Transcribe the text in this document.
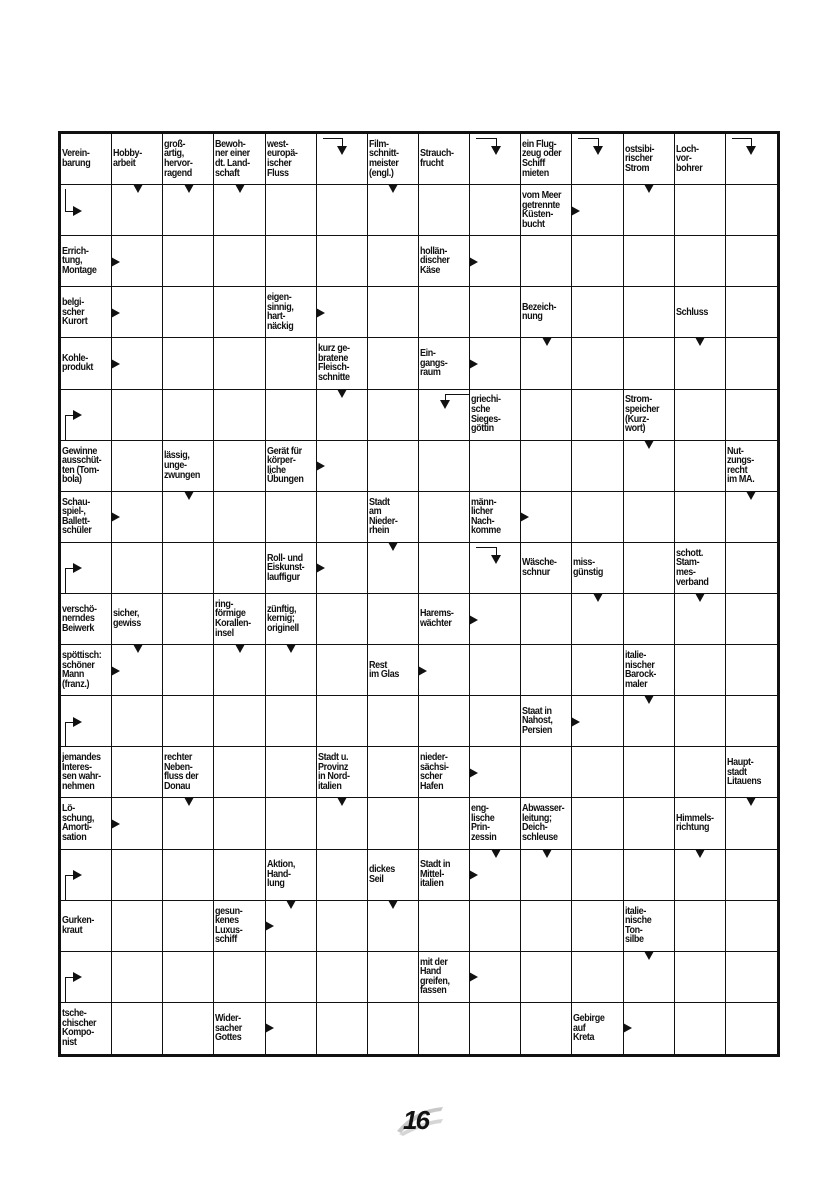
Verein-
barung
Hobby-
arbeit
groß-
artig,
hervor-
ragend
Bewoh-
ner einer
dt. Land-
schaft
west-
europä-
ischer
Fluss
Film-
schnitt-
meister
(engl.)
Strauch-
frucht
ein Flug-
zeug oder
Schiff
mieten
ostsibi-
rischer
Strom
Loch-
vor-
bohrer
vom Meer
getrennte
Küsten-
bucht
Errich-
tung,
Montage
hollän-
discher
Käse
belgi-
scher
Kurort
eigen-
sinnig,
hart-
näckig
Bezeich-
nung	Schluss
Kohle-
produkt
kurz ge-
bratene
Fleisch-
schnitte
Ein-
gangs-
raum
griechi-
sche
Sieges-
göttin
Strom-
speicher
(Kurz-
wort)
Gewinne
ausschüt-
ten (Tom-
bola)
lässig,
unge-
zwungen
Gerät für
körper-
liche
Übungen
Nut-
zungs-
recht
im MA.
Schau-
spiel-,
Ballett-
schüler
Stadt
am
Nieder-
rhein
männ-
licher
Nach-
komme
Roll- und
Eiskunst-
lauffigur
Wäsche-
schnur
miss-
günstig
schott.
Stam-
mes-
verband
verschö-
nerndes
Beiwerk
sicher,
gewiss
ring-
förmige
Korallen-
insel
zünftig,
kernig;
originell
Harems-
wächter
spöttisch:
schöner
Mann
(franz.)
Rest
im Glas
italie-
nischer
Barock-
maler
Staat in
Nahost,
Persien
jemandes
Interes-
sen wahr-
nehmen
rechter
Neben-
fluss der
Donau
Stadt u.
Provinz
in Nord-
italien
nieder-
sächsi-
scher
Hafen
Haupt-
stadt
Litauens
Lö-
schung,
Amorti-
sation
eng-
lische
Prin-
zessin
Abwasser-
leitung;
Deich-
schleuse
Himmels-
richtung
Aktion,
Hand-
lung
dickes
Seil
Stadt in
Mittel-
italien
Gurken-
kraut
gesun-
kenes
Luxus-
schiff
italie-
nische
Ton-
silbe
mit der
Hand
greifen,
fassen
tsche-
chischer
Kompo-
nist
Wider-
sacher
Gottes
Gebirge
auf
Kreta
16
